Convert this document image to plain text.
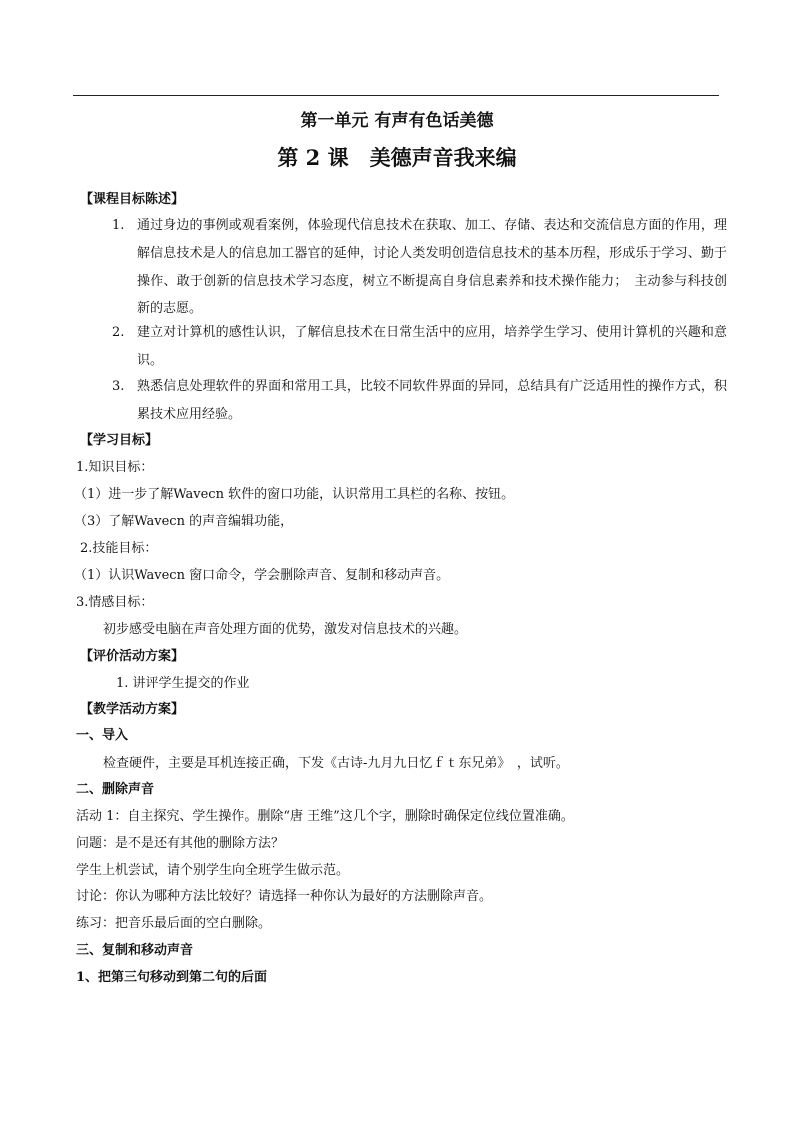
第一单元 有声有色话美德
第 2 课　美德声音我来编
【课程目标陈述】
1. 通过身边的事例或观看案例，体验现代信息技术在获取、加工、存储、表达和交流信息方面的作用，理解信息技术是人的信息加工器官的延伸，讨论人类发明创造信息技术的基本历程，形成乐于学习、勤于操作、敢于创新的信息技术学习态度，树立不断提高自身信息素养和技术操作能力；　主动参与科技创新的志愿。
2. 建立对计算机的感性认识，了解信息技术在日常生活中的应用，培养学生学习、使用计算机的兴趣和意识。
3. 熟悉信息处理软件的界面和常用工具，比较不同软件界面的异同，总结具有广泛适用性的操作方式，积累技术应用经验。
【学习目标】
1.知识目标：
（1）进一步了解Wavecn 软件的窗口功能，认识常用工具栏的名称、按钮。
（3）了解Wavecn 的声音编辑功能，
2.技能目标：
（1）认识Wavecn 窗口命令，学会删除声音、复制和移动声音。
3.情感目标：
初步感受电脑在声音处理方面的优势，激发对信息技术的兴趣。
【评价活动方案】
1. 讲评学生提交的作业
【教学活动方案】
一、导入
检查硬件，主要是耳机连接正确，下发《古诗-九月九日忆ｆｔ东兄弟》　，试听。
二、删除声音
活动 1：自主探究、学生操作。删除“唐 王维”这几个字，删除时确保定位线位置准确。
问题：是不是还有其他的删除方法？
学生上机尝试，请个别学生向全班学生做示范。
讨论：你认为哪种方法比较好？请选择一种你认为最好的方法删除声音。
练习：把音乐最后面的空白删除。
三、复制和移动声音
1、把第三句移动到第二句的后面
